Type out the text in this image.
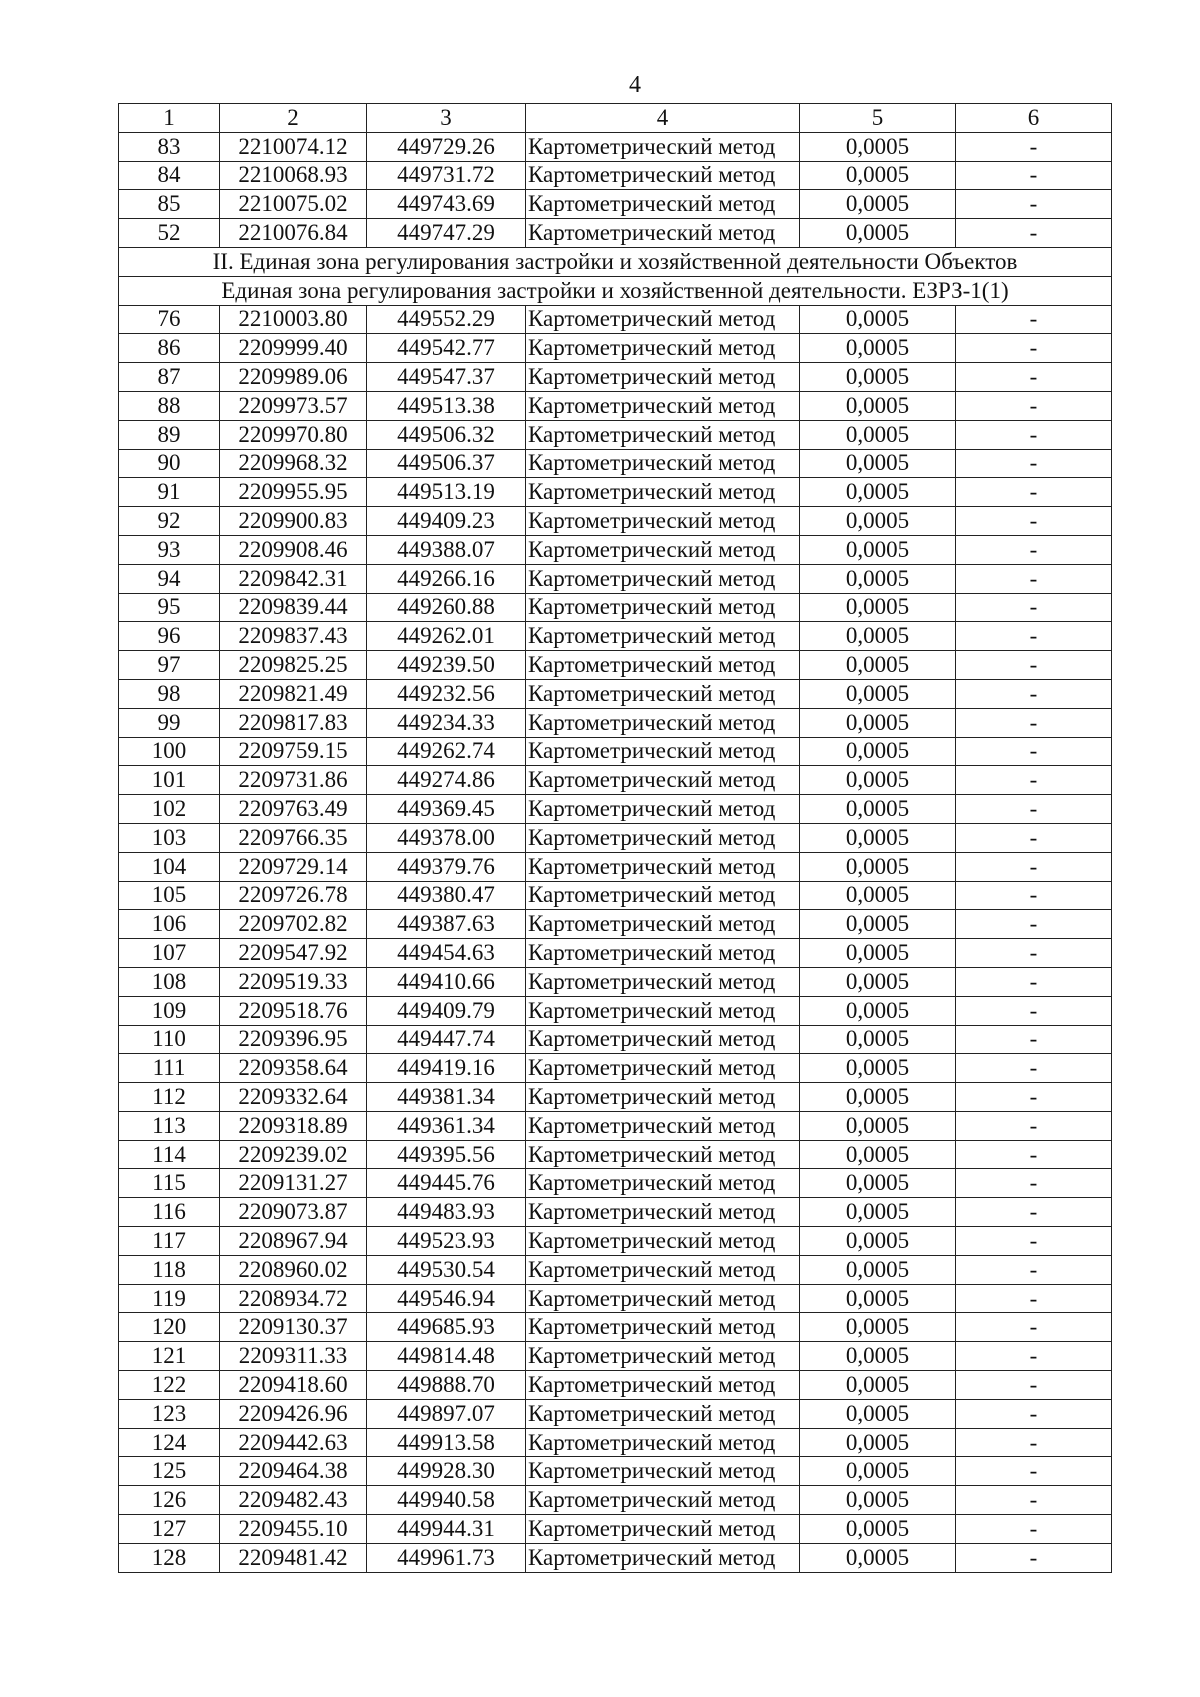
4
1	2	3	4	5	6
83	2210074.12	449729.26	Картометрический метод	0,0005	-
84	2210068.93	449731.72	Картометрический метод	0,0005	-
85	2210075.02	449743.69	Картометрический метод	0,0005	-
52	2210076.84	449747.29	Картометрический метод	0,0005	-
II. Единая зона регулирования застройки и хозяйственной деятельности Объектов					
Единая зона регулирования застройки и хозяйственной деятельности. ЕЗРЗ-1(1)					
76	2210003.80	449552.29	Картометрический метод	0,0005	-
86	2209999.40	449542.77	Картометрический метод	0,0005	-
87	2209989.06	449547.37	Картометрический метод	0,0005	-
88	2209973.57	449513.38	Картометрический метод	0,0005	-
89	2209970.80	449506.32	Картометрический метод	0,0005	-
90	2209968.32	449506.37	Картометрический метод	0,0005	-
91	2209955.95	449513.19	Картометрический метод	0,0005	-
92	2209900.83	449409.23	Картометрический метод	0,0005	-
93	2209908.46	449388.07	Картометрический метод	0,0005	-
94	2209842.31	449266.16	Картометрический метод	0,0005	-
95	2209839.44	449260.88	Картометрический метод	0,0005	-
96	2209837.43	449262.01	Картометрический метод	0,0005	-
97	2209825.25	449239.50	Картометрический метод	0,0005	-
98	2209821.49	449232.56	Картометрический метод	0,0005	-
99	2209817.83	449234.33	Картометрический метод	0,0005	-
100	2209759.15	449262.74	Картометрический метод	0,0005	-
101	2209731.86	449274.86	Картометрический метод	0,0005	-
102	2209763.49	449369.45	Картометрический метод	0,0005	-
103	2209766.35	449378.00	Картометрический метод	0,0005	-
104	2209729.14	449379.76	Картометрический метод	0,0005	-
105	2209726.78	449380.47	Картометрический метод	0,0005	-
106	2209702.82	449387.63	Картометрический метод	0,0005	-
107	2209547.92	449454.63	Картометрический метод	0,0005	-
108	2209519.33	449410.66	Картометрический метод	0,0005	-
109	2209518.76	449409.79	Картометрический метод	0,0005	-
110	2209396.95	449447.74	Картометрический метод	0,0005	-
111	2209358.64	449419.16	Картометрический метод	0,0005	-
112	2209332.64	449381.34	Картометрический метод	0,0005	-
113	2209318.89	449361.34	Картометрический метод	0,0005	-
114	2209239.02	449395.56	Картометрический метод	0,0005	-
115	2209131.27	449445.76	Картометрический метод	0,0005	-
116	2209073.87	449483.93	Картометрический метод	0,0005	-
117	2208967.94	449523.93	Картометрический метод	0,0005	-
118	2208960.02	449530.54	Картометрический метод	0,0005	-
119	2208934.72	449546.94	Картометрический метод	0,0005	-
120	2209130.37	449685.93	Картометрический метод	0,0005	-
121	2209311.33	449814.48	Картометрический метод	0,0005	-
122	2209418.60	449888.70	Картометрический метод	0,0005	-
123	2209426.96	449897.07	Картометрический метод	0,0005	-
124	2209442.63	449913.58	Картометрический метод	0,0005	-
125	2209464.38	449928.30	Картометрический метод	0,0005	-
126	2209482.43	449940.58	Картометрический метод	0,0005	-
127	2209455.10	449944.31	Картометрический метод	0,0005	-
128	2209481.42	449961.73	Картометрический метод	0,0005	-
